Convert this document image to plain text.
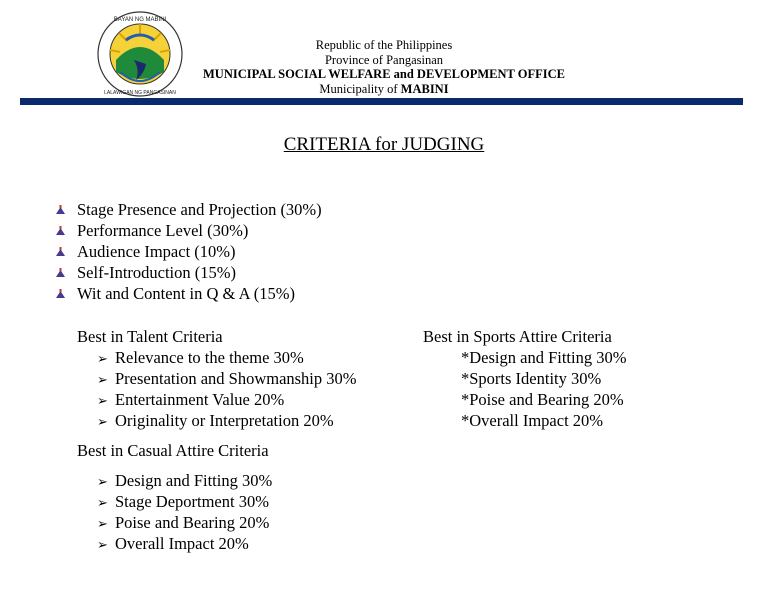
BAYAN NG MABINI
LALAWIGAN NG PANGASINAN
Republic of the Philippines
Province of Pangasinan
MUNICIPAL SOCIAL WELFARE and DEVELOPMENT OFFICE
Municipality of MABINI
CRITERIA for JUDGING
Stage Presence and Projection (30%)
Performance Level (30%)
Audience Impact (10%)
Self-Introduction (15%)
Wit and Content in Q & A (15%)
Best in Talent Criteria
➢ Relevance to the theme 30%
➢ Presentation and Showmanship 30%
➢ Entertainment Value 20%
➢ Originality or Interpretation 20%
Best in Sports Attire Criteria
*Design and Fitting 30%
*Sports Identity 30%
*Poise and Bearing 20%
*Overall Impact 20%
Best in Casual Attire Criteria
➢ Design and Fitting 30%
➢ Stage Deportment 30%
➢ Poise and Bearing 20%
➢ Overall Impact 20%
